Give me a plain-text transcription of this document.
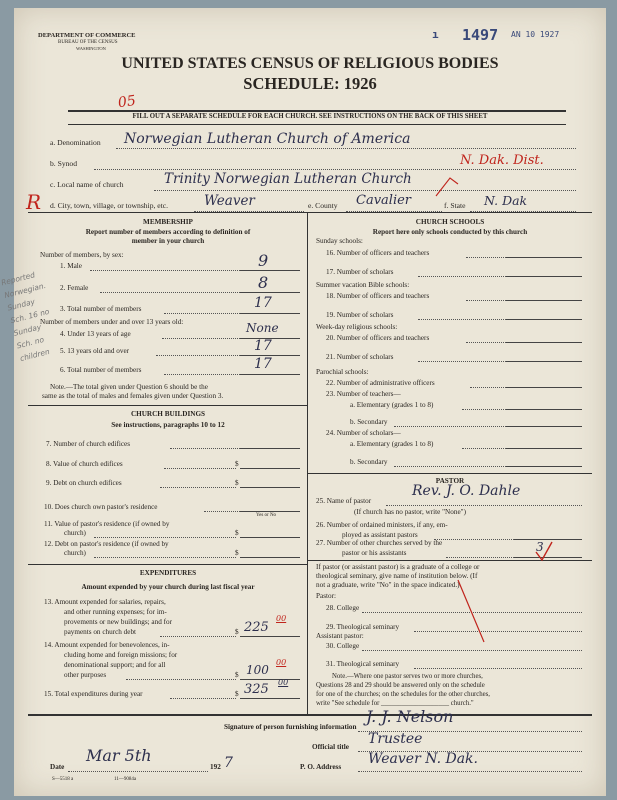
DEPARTMENT OF COMMERCE
BUREAU OF THE CENSUS
WASHINGTON
1497 AN 10 1927
ı
UNITED STATES CENSUS OF RELIGIOUS BODIES
SCHEDULE: 1926
05
FILL OUT A SEPARATE SCHEDULE FOR EACH CHURCH. SEE INSTRUCTIONS ON THE BACK OF THIS SHEET
a. Denomination Norwegian Lutheran Church of America
b. Synod	N. Dak. Dist.
c. Local name of church	Trinity Norwegian Lutheran Church
R d. City, town, village, or township, etc.	Weaver	e. County Cavalier	f. State N. Dak
MEMBERSHIP
Report number of members according to definition of
member in your church
Number of members, by sex:
1. Male	9
2. Female	8
3. Total number of members	17
Number of members under and over 13 years old:
4. Under 13 years of age	None
5. 13 years old and over	17
6. Total number of members	17
Note.—The total given under Question 6 should be the
same as the total of males and females given under Question 3.
Reported Norwegian. Sunday Sch. 16 no Sunday Sch. no children
CHURCH BUILDINGS
See instructions, paragraphs 10 to 12
7. Number of church edifices
8. Value of church edifices	$
9. Debt on church edifices	$
10. Does church own pastor's residence
Yes or No
11. Value of pastor's residence (if owned by
church)	$
12. Debt on pastor's residence (if owned by
church)	$
EXPENDITURES
Amount expended by your church during last fiscal year
13. Amount expended for salaries, repairs,
and other running expenses; for im-
provements or new buildings; and for
payments on church debt	$ 225
00
14. Amount expended for benevolences, in-
cluding home and foreign missions; for
denominational support; and for all
other purposes	$ 100
00
15. Total expenditures during year	$ 325 00
CHURCH SCHOOLS
Report here only schools conducted by this church
Sunday schools:
16. Number of officers and teachers
17. Number of scholars
Summer vacation Bible schools:
18. Number of officers and teachers
19. Number of scholars
Week-day religious schools:
20. Number of officers and teachers
21. Number of scholars
Parochial schools:
22. Number of administrative officers
23. Number of teachers—
a. Elementary (grades 1 to 8)
b. Secondary
24. Number of scholars—
a. Elementary (grades 1 to 8)
b. Secondary
PASTOR
25. Name of pastor
Rev. J. O. Dahle
(If church has no pastor, write "None")
26. Number of ordained ministers, if any, em-
ployed as assistant pastors
27. Number of other churches served by the
pastor or his assistants	3
If pastor (or assistant pastor) is a graduate of a college or
theological seminary, give name of institution below. (If
not a graduate, write "No" in the space indicated.)
Pastor:
28. College
29. Theological seminary
Assistant pastor:
30. College
31. Theological seminary
Note.—Where one pastor serves two or more churches,
Questions 28 and 29 should be answered only on the schedule
for one of the churches; on the schedules for the other churches,
write "See schedule for ____________________ church."
Signature of person furnishing information
J. J. Nelson
Official title Trustee
Date
Mar 5th
192 7	P. O. Address Weaver N. Dak.
S—5518 a	11—9084a
